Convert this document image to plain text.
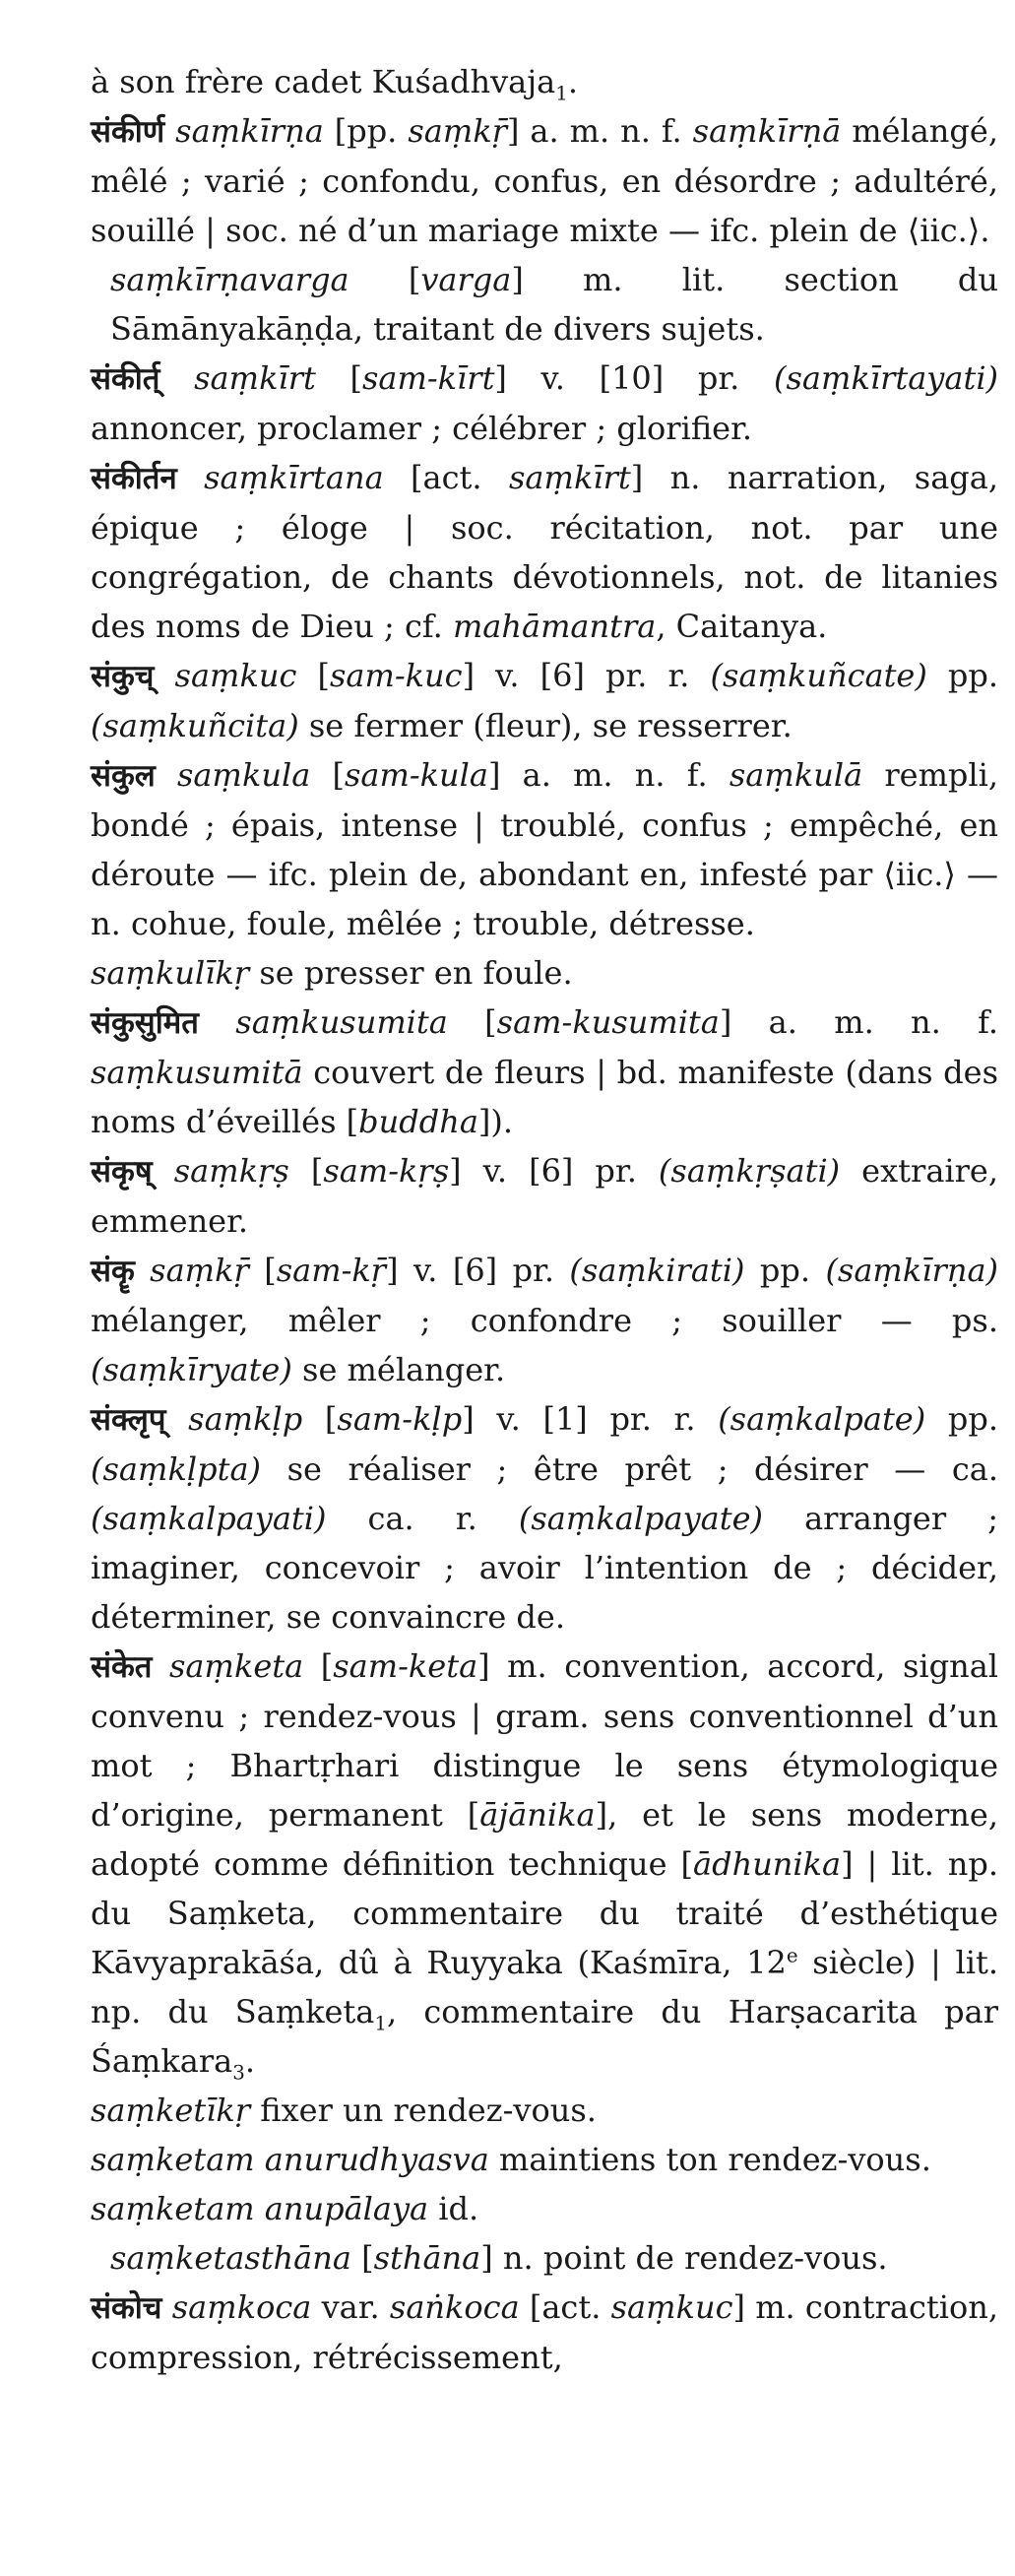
à son frère cadet Kuśadhvaja$_1$.

संकीर्ण saṃkīrṇa [pp. saṃkṝ] a. m. n. f. saṃkīrṇā mélangé, mêlé ; varié ; confondu, confus, en désordre ; adultéré, souillé | soc. né d’un mariage mixte — ifc. plein de ⟨iic.⟩.

saṃkīrṇavarga [varga] m. lit. section du Sāmānyakāṇḍa, traitant de divers sujets.

संकीर्त् saṃkīrt [sam-kīrt] v. [10] pr. (saṃkīrtayati) annoncer, proclamer ; célébrer ; glorifier.

संकीर्तन saṃkīrtana [act. saṃkīrt] n. narration, saga, épique ; éloge | soc. récitation, not. par une congrégation, de chants dévotionnels, not. de litanies des noms de Dieu ; cf. mahāmantra, Caitanya.

संकुच् saṃkuc [sam-kuc] v. [6] pr. r. (saṃkuñcate) pp. (saṃkuñcita) se fermer (fleur), se resserrer.

संकुल saṃkula [sam-kula] a. m. n. f. saṃkulā rempli, bondé ; épais, intense | troublé, confus ; empêché, en déroute — ifc. plein de, abondant en, infesté par ⟨iic.⟩ — n. cohue, foule, mêlée ; trouble, détresse.

saṃkulīkṛ se presser en foule.

संकुसुमित saṃkusumita [sam-kusumita] a. m. n. f. saṃkusumitā couvert de fleurs | bd. manifeste (dans des noms d’éveillés [buddha]).

संकृष् saṃkṛṣ [sam-kṛṣ] v. [6] pr. (saṃkṛṣati) extraire, emmener.

संकॄ saṃkṝ [sam-kṝ] v. [6] pr. (saṃkirati) pp. (saṃkīrṇa) mélanger, mêler ; confondre ; souiller — ps. (saṃkīryate) se mélanger.

संक्लृप् saṃkḷp [sam-kḷp] v. [1] pr. r. (saṃkalpate) pp. (saṃkḷpta) se réaliser ; être prêt ; désirer — ca. (saṃkalpayati) ca. r. (saṃkalpayate) arranger ; imaginer, concevoir ; avoir l’intention de ; décider, déterminer, se convaincre de.

संकेत saṃketa [sam-keta] m. convention, accord, signal convenu ; rendez-vous | gram. sens conventionnel d’un mot ; Bhartṛhari distingue le sens étymologique d’origine, permanent [ājānika], et le sens moderne, adopté comme définition technique [ādhunika] | lit. np. du Saṃketa, commentaire du traité d’esthétique Kāvyaprakāśa, dû à Ruyyaka (Kaśmīra, 12e siècle) | lit. np. du Saṃketa$_1$, commentaire du Harṣacarita par Śaṃkara$_3$.

saṃketīkṛ fixer un rendez-vous.

saṃketam anurudhyasva maintiens ton rendez-vous.

saṃketam anupālaya id.

saṃketasthāna [sthāna] n. point de rendez-vous.

संकोच saṃkoca var. saṅkoca [act. saṃkuc] m. contraction, compression, rétrécissement,
